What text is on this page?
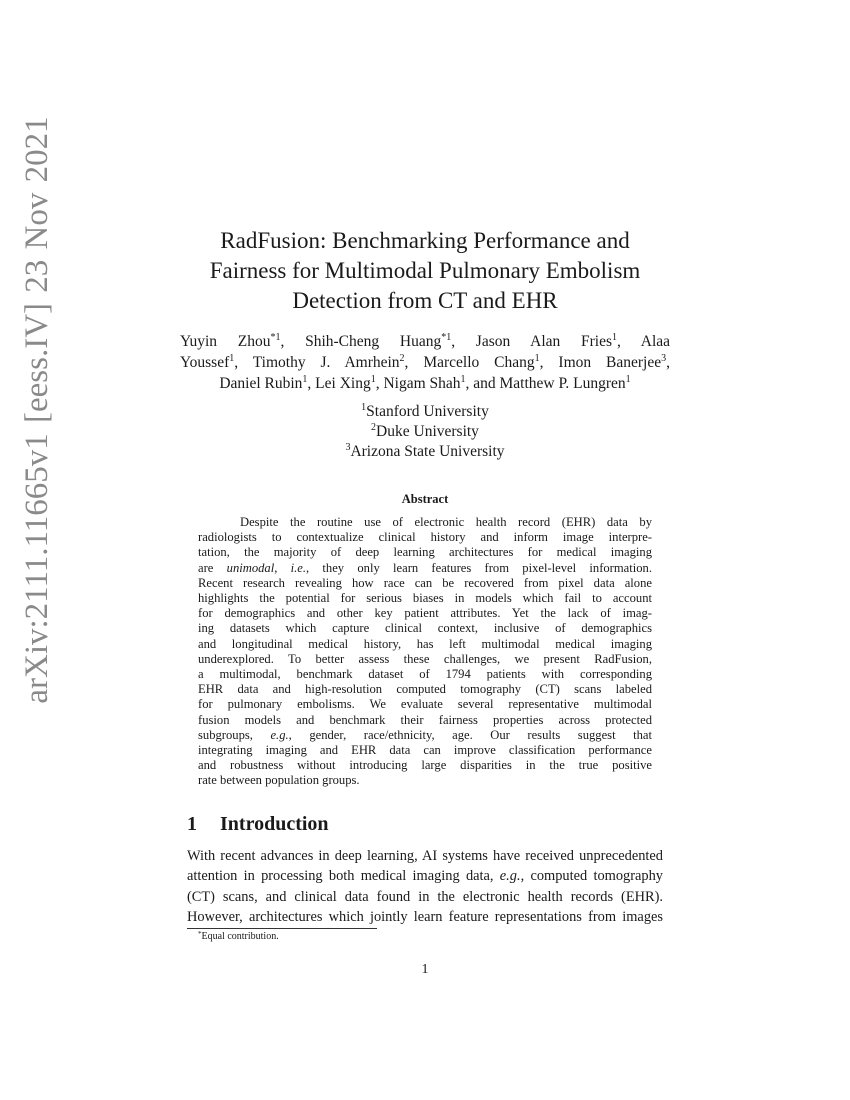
arXiv:2111.11665v1 [eess.IV] 23 Nov 2021	RadFusion: Benchmarking Performance and
Fairness for Multimodal Pulmonary Embolism
Detection from CT and EHR
Yuyin Zhou$^{*1}$, Shih-Cheng Huang$^{*1}$, Jason Alan Fries$^1$, Alaa
Youssef$^1$, Timothy J. Amrhein$^2$, Marcello Chang$^1$, Imon Banerjee$^3$,
Daniel Rubin$^1$, Lei Xing$^1$, Nigam Shah$^1$, and Matthew P. Lungren$^1$
$^1$Stanford University
$^2$Duke University
$^3$Arizona State University
Abstract
Despite the routine use of electronic health record (EHR) data by
radiologists to contextualize clinical history and inform image interpre-
tation, the majority of deep learning architectures for medical imaging
are unimodal, i.e., they only learn features from pixel-level information.
Recent research revealing how race can be recovered from pixel data alone
highlights the potential for serious biases in models which fail to account
for demographics and other key patient attributes. Yet the lack of imag-
ing datasets which capture clinical context, inclusive of demographics
and longitudinal medical history, has left multimodal medical imaging
underexplored. To better assess these challenges, we present RadFusion,
a multimodal, benchmark dataset of 1794 patients with corresponding
EHR data and high-resolution computed tomography (CT) scans labeled
for pulmonary embolisms. We evaluate several representative multimodal
fusion models and benchmark their fairness properties across protected
subgroups, e.g., gender, race/ethnicity, age. Our results suggest that
integrating imaging and EHR data can improve classification performance
and robustness without introducing large disparities in the true positive
rate between population groups.
1 Introduction
With recent advances in deep learning, AI systems have received unprecedented
attention in processing both medical imaging data, e.g., computed tomography
(CT) scans, and clinical data found in the electronic health records (EHR).
However, architectures which jointly learn feature representations from images
*Equal contribution.
1
